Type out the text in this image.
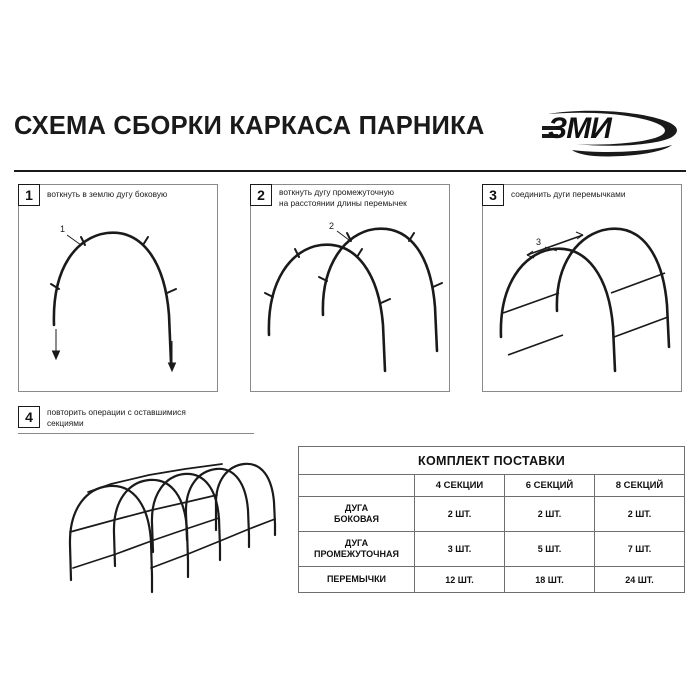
СХЕМА СБОРКИ КАРКАСА ПАРНИКА ЗМИ
1	воткнуть в землю дугу боковую
1
2	воткнуть дугу промежуточную
на расстоянии длины перемычек
2
3	соединить дуги перемычками
3
4	повторить операции с оставшимися
секциями
КОМПЛЕКТ ПОСТАВКИ			
	4 СЕКЦИИ	6 СЕКЦИЙ	8 СЕКЦИЙ

ДУГА
БОКОВАЯ	2 ШТ.	2 ШТ.	2 ШТ.

ДУГА
ПРОМЕЖУТОЧНАЯ	3 ШТ.	5 ШТ.	7 ШТ.

ПЕРЕМЫЧКИ	12 ШТ.	18 ШТ.	24 ШТ.
